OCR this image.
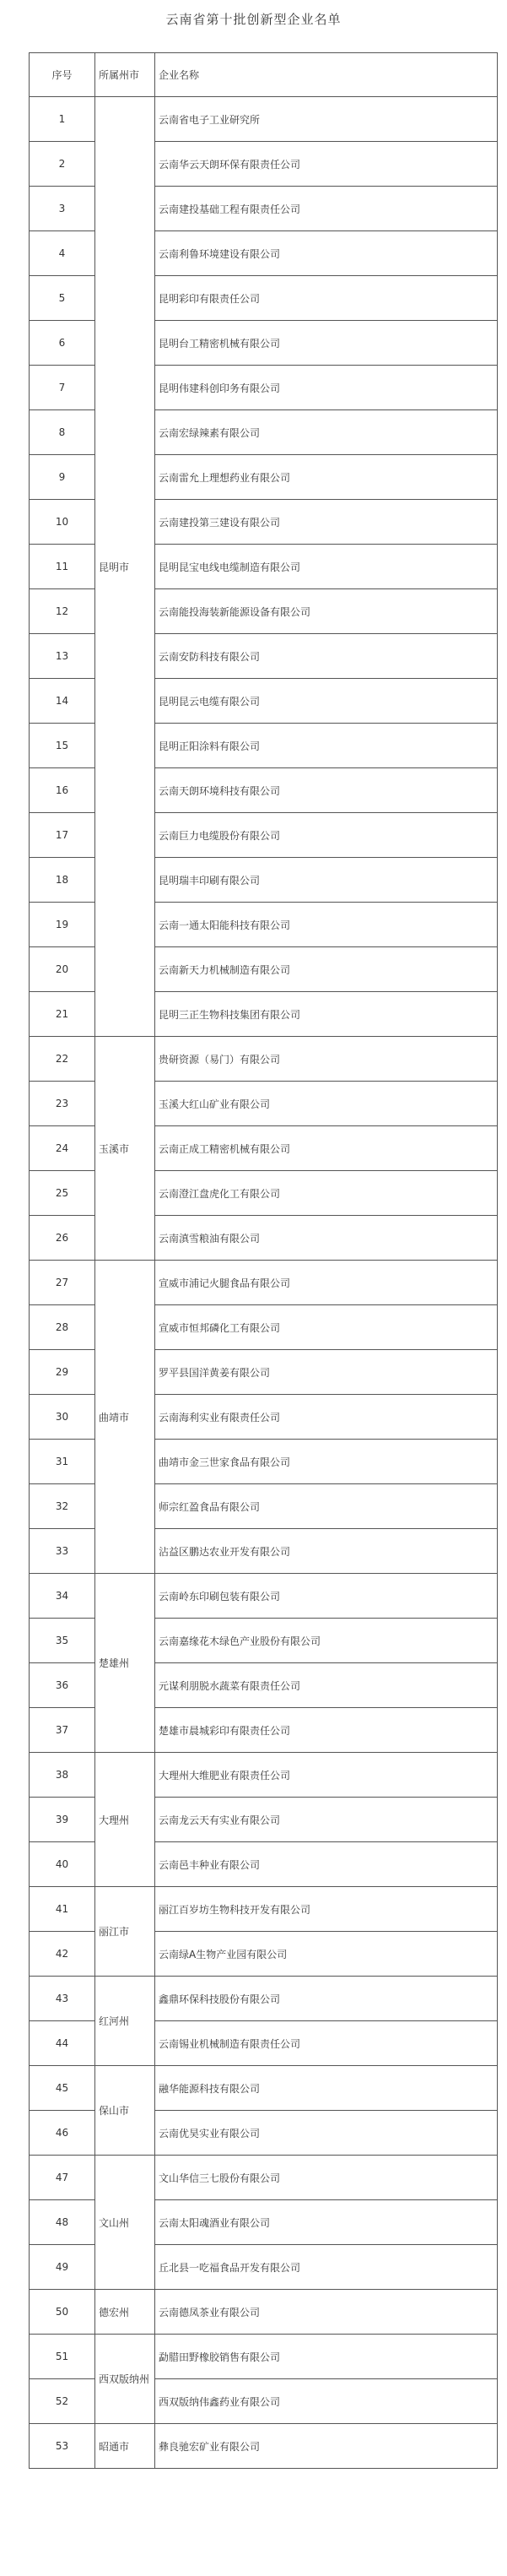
云南省第十批创新型企业名单
序号	所属州市	企业名称
1	昆明市	云南省电子工业研究所
2		云南华云天朗环保有限责任公司
3		云南建投基础工程有限责任公司
4		云南利鲁环境建设有限公司
5		昆明彩印有限责任公司
6		昆明台工精密机械有限公司
7		昆明伟建科创印务有限公司
8		云南宏绿辣素有限公司
9		云南雷允上理想药业有限公司
10		云南建投第三建设有限公司
11		昆明昆宝电线电缆制造有限公司
12		云南能投海装新能源设备有限公司
13		云南安防科技有限公司
14		昆明昆云电缆有限公司
15		昆明正阳涂料有限公司
16		云南天朗环境科技有限公司
17		云南巨力电缆股份有限公司
18		昆明瑞丰印刷有限公司
19		云南一通太阳能科技有限公司
20		云南新天力机械制造有限公司
21		昆明三正生物科技集团有限公司
22	玉溪市	贵研资源（易门）有限公司
23		玉溪大红山矿业有限公司
24		云南正成工精密机械有限公司
25		云南澄江盘虎化工有限公司
26		云南滇雪粮油有限公司
27	曲靖市	宣威市浦记火腿食品有限公司
28		宣威市恒邦磷化工有限公司
29		罗平县国洋黄姜有限公司
30		云南海利实业有限责任公司
31		曲靖市金三世家食品有限公司
32		师宗红盈食品有限公司
33		沾益区鹏达农业开发有限公司
34	楚雄州	云南岭东印刷包装有限公司
35		云南嘉缘花木绿色产业股份有限公司
36		元谋利朋脱水蔬菜有限责任公司
37		楚雄市晨城彩印有限责任公司
38	大理州	大理州大维肥业有限责任公司
39		云南龙云天有实业有限公司
40		云南邑丰种业有限公司
41	丽江市	丽江百岁坊生物科技开发有限公司
42		云南绿A生物产业园有限公司
43	红河州	鑫鼎环保科技股份有限公司
44		云南锡业机械制造有限责任公司
45	保山市	融华能源科技有限公司
46		云南优昊实业有限公司
47	文山州	文山华信三七股份有限公司
48		云南太阳魂酒业有限公司
49		丘北县一吃福食品开发有限公司
50	德宏州	云南德凤茶业有限公司
51	西双版纳州	勐腊田野橡胶销售有限公司
52		西双版纳伟鑫药业有限公司
53	昭通市	彝良驰宏矿业有限公司
